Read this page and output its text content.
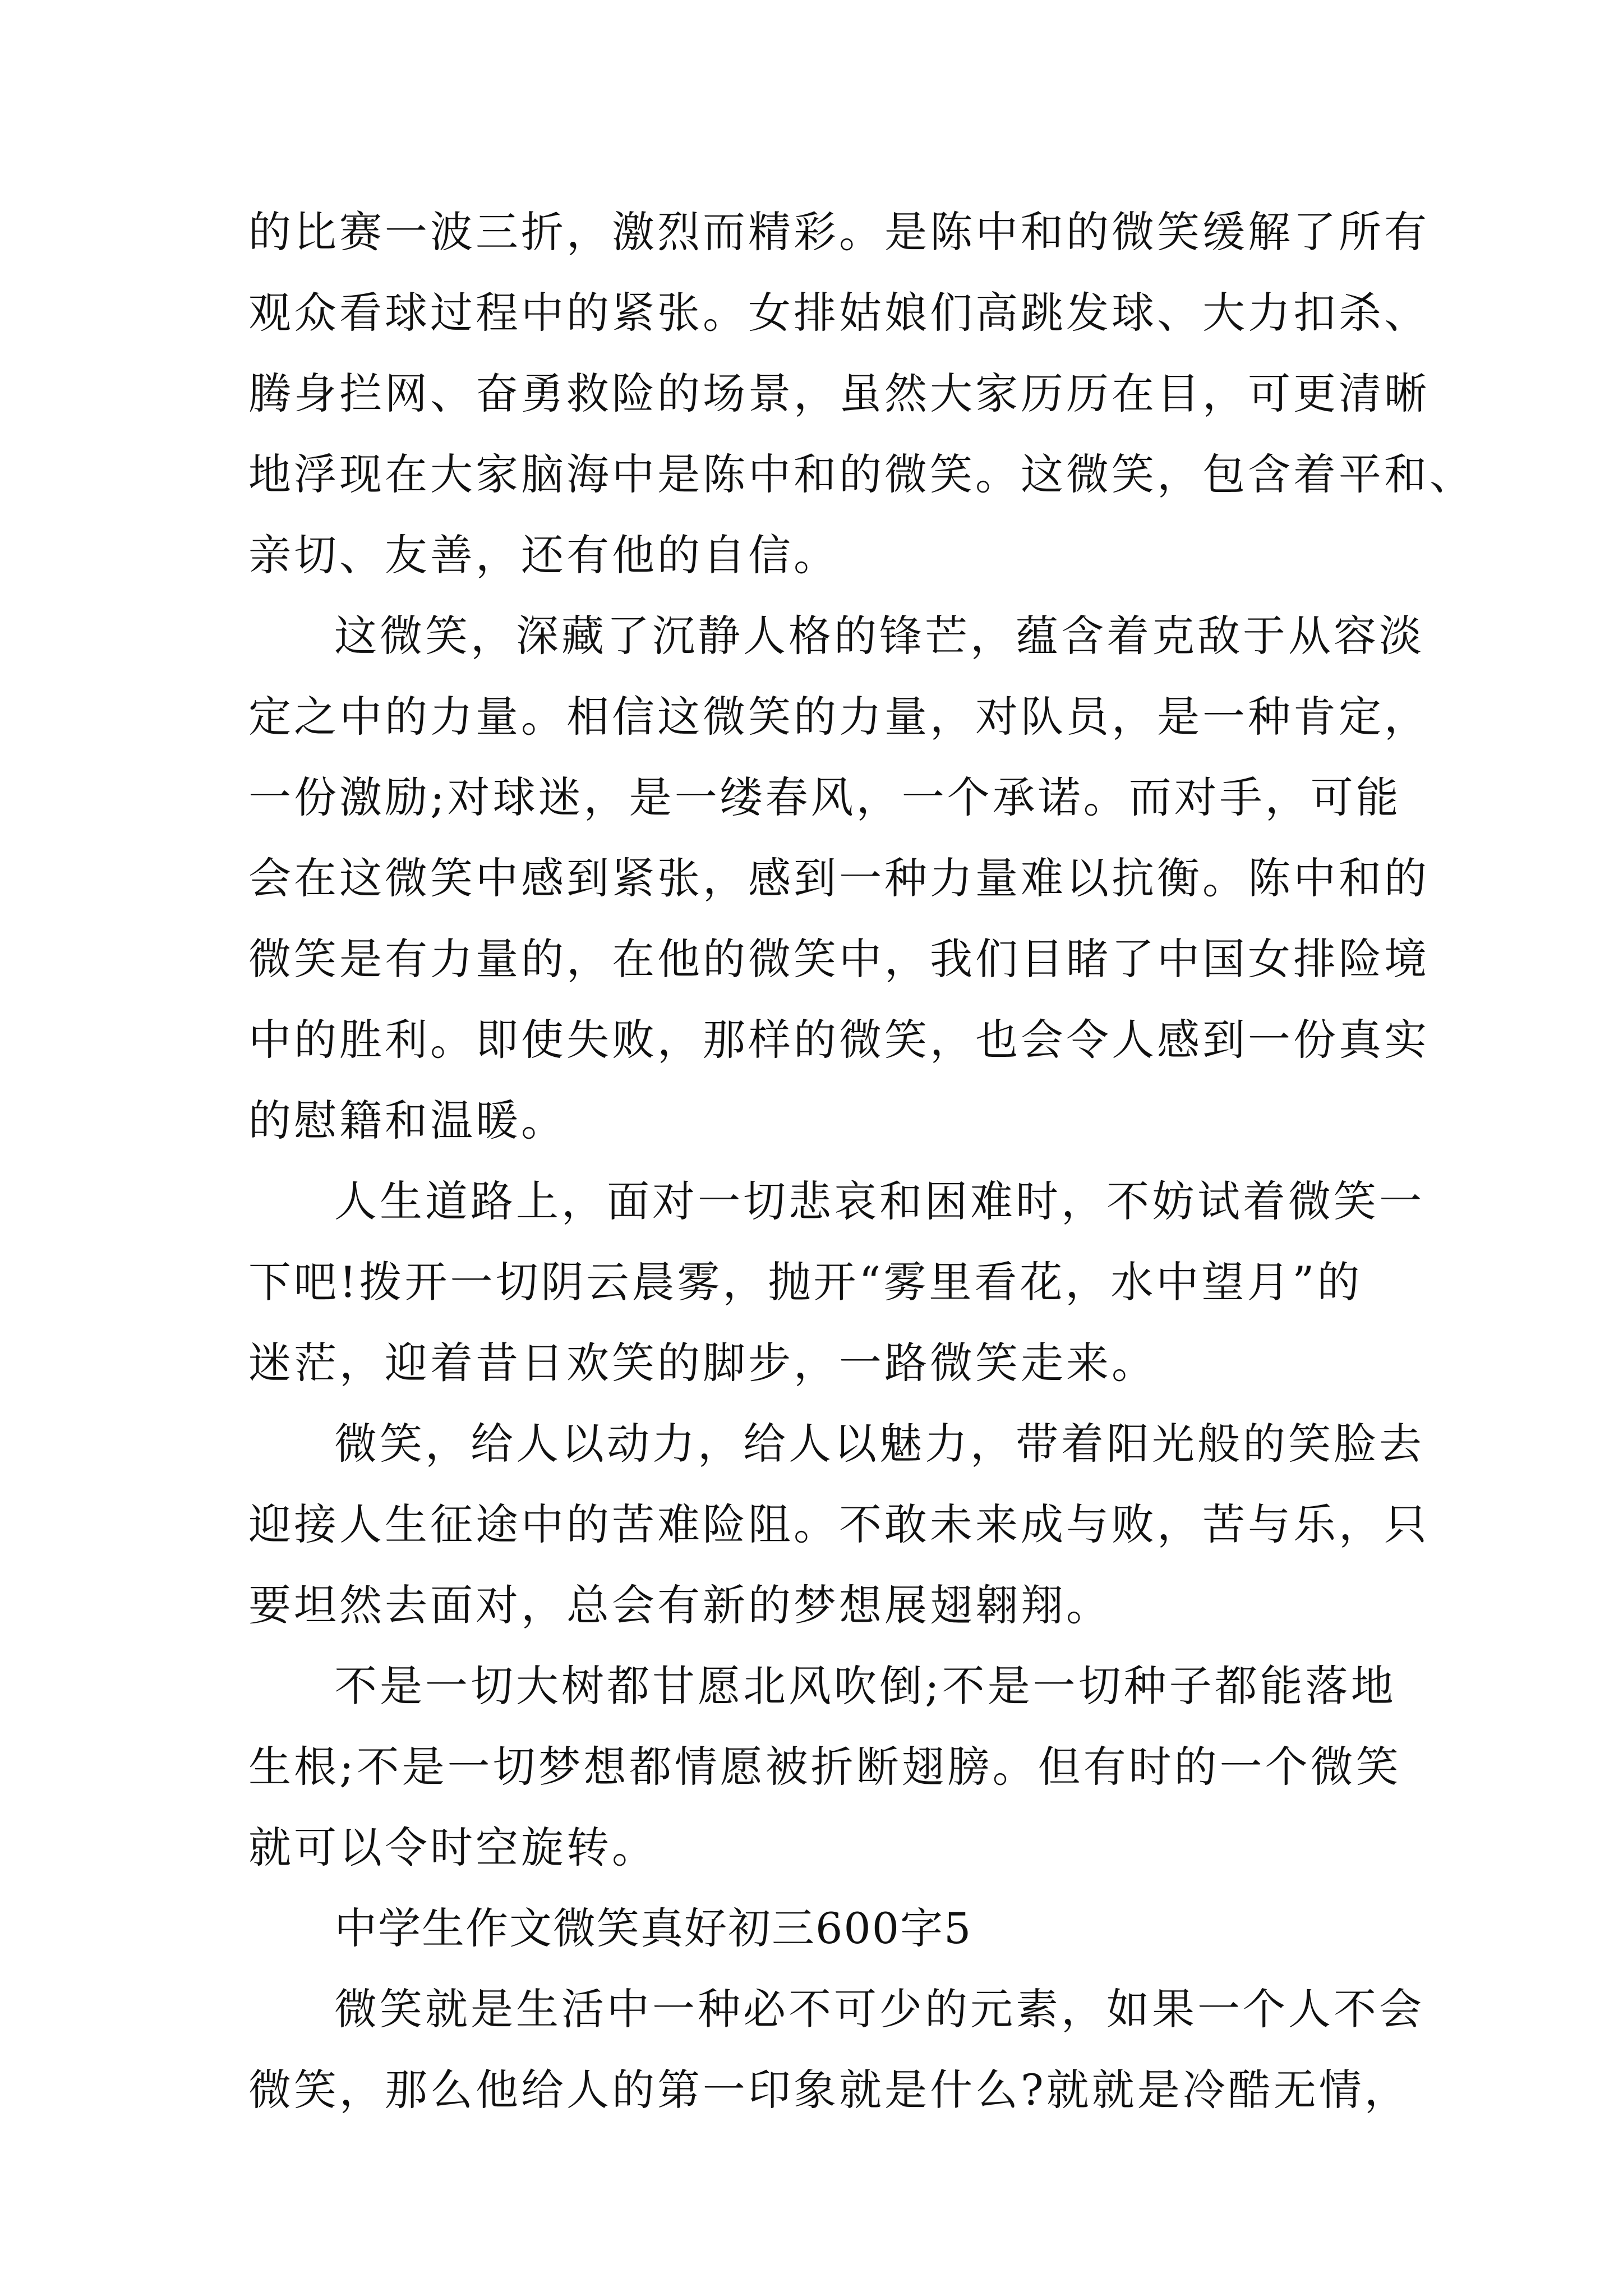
的比赛一波三折，激烈而精彩。是陈中和的微笑缓解了所有

观众看球过程中的紧张。女排姑娘们高跳发球、大力扣杀、

腾身拦网、奋勇救险的场景，虽然大家历历在目，可更清晰

地浮现在大家脑海中是陈中和的微笑。这微笑，包含着平和、

亲切、友善，还有他的自信。

这微笑，深藏了沉静人格的锋芒，蕴含着克敌于从容淡

定之中的力量。相信这微笑的力量，对队员，是一种肯定，

一份激励;对球迷，是一缕春风，一个承诺。而对手，可能

会在这微笑中感到紧张，感到一种力量难以抗衡。陈中和的

微笑是有力量的，在他的微笑中，我们目睹了中国女排险境

中的胜利。即使失败，那样的微笑，也会令人感到一份真实

的慰籍和温暖。

人生道路上，面对一切悲哀和困难时，不妨试着微笑一

下吧!拨开一切阴云晨雾，抛开“雾里看花，水中望月”的

迷茫，迎着昔日欢笑的脚步，一路微笑走来。

微笑，给人以动力，给人以魅力，带着阳光般的笑脸去

迎接人生征途中的苦难险阻。不敢未来成与败，苦与乐，只

要坦然去面对，总会有新的梦想展翅翱翔。

不是一切大树都甘愿北风吹倒;不是一切种子都能落地

生根;不是一切梦想都情愿被折断翅膀。但有时的一个微笑

就可以令时空旋转。

中学生作文微笑真好初三600字5

微笑就是生活中一种必不可少的元素，如果一个人不会

微笑，那么他给人的第一印象就是什么?就就是冷酷无情，
